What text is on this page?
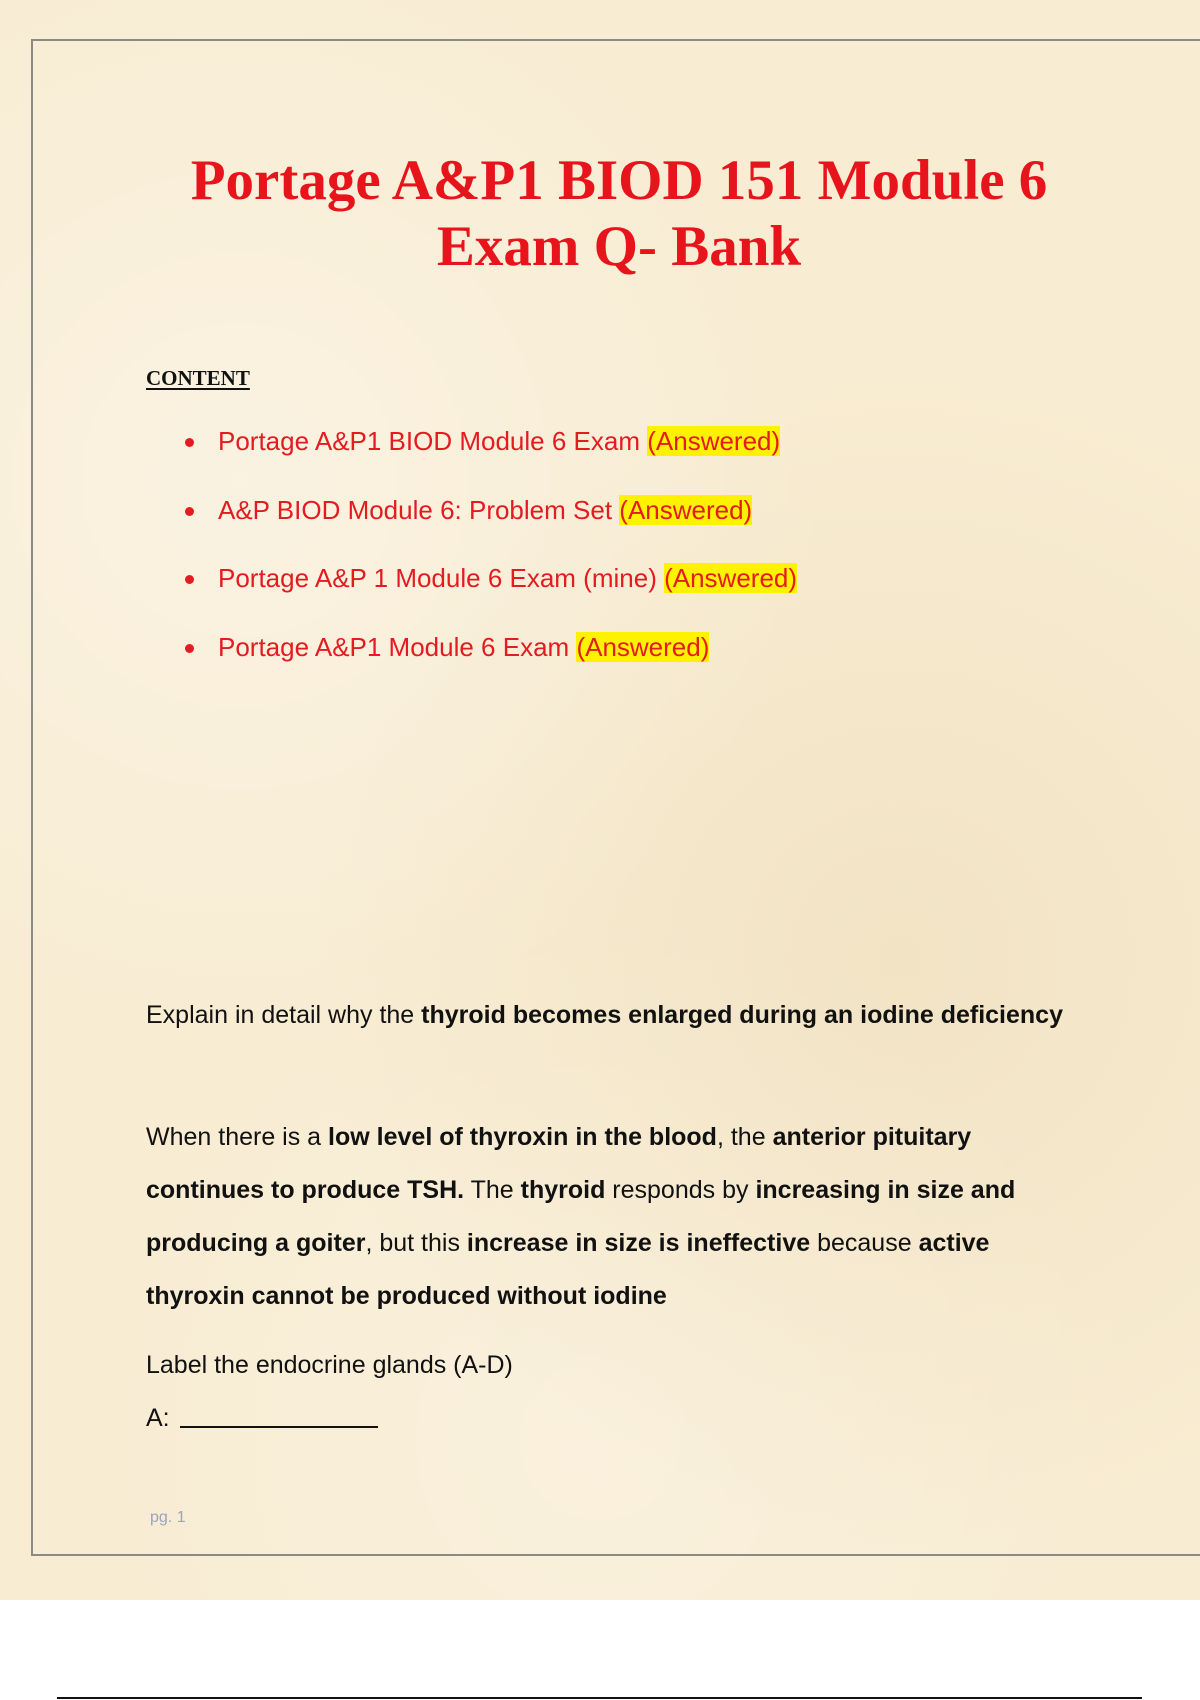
Portage A&P1 BIOD 151 Module 6
Exam Q- Bank
CONTENT
Portage A&P1 BIOD Module 6 Exam (Answered)
A&P BIOD Module 6: Problem Set (Answered)
Portage A&P 1 Module 6 Exam (mine) (Answered)
Portage A&P1 Module 6 Exam (Answered)

Explain in detail why the thyroid becomes enlarged during an iodine deficiency

When there is a low level of thyroxin in the blood, the anterior pituitary continues to produce TSH. The thyroid responds by increasing in size and producing a goiter, but this increase in size is ineffective because active thyroxin cannot be produced without iodine

Label the endocrine glands (A-D)

A:
pg. 1
